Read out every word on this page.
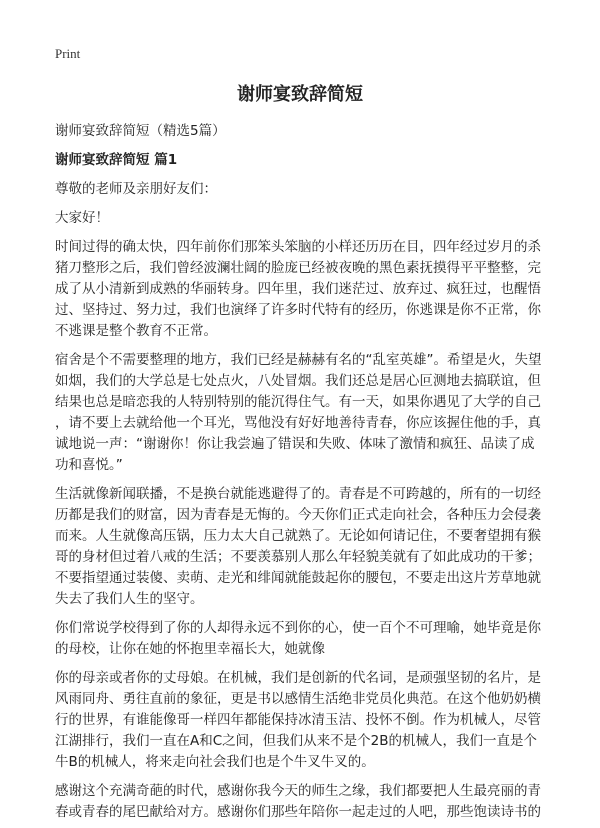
Print
谢师宴致辞简短

谢师宴致辞简短（精选5篇）

谢师宴致辞简短 篇1

尊敬的老师及亲朋好友们：

大家好！

时间过得的确太快，四年前你们那笨头笨脑的小样还历历在目，四年经过岁月的杀
猪刀整形之后，我们曾经波澜壮阔的脸庞已经被夜晚的黑色素抚摸得平平整整，完
成了从小清新到成熟的华丽转身。四年里，我们迷茫过、放弃过、疯狂过，也醒悟
过、坚持过、努力过，我们也演绎了许多时代特有的经历，你逃课是你不正常，你
不逃课是整个教育不正常。

宿舍是个不需要整理的地方，我们已经是赫赫有名的“乱室英雄”。希望是火，失望
如烟，我们的大学总是七处点火，八处冒烟。我们还总是居心叵测地去搞联谊，但
结果也总是暗恋我的人特别特别的能沉得住气。有一天，如果你遇见了大学的自己
，请不要上去就给他一个耳光，骂他没有好好地善待青春，你应该握住他的手，真
诚地说一声：“谢谢你！你让我尝遍了错误和失败、体味了激情和疯狂、品读了成
功和喜悦。”

生活就像新闻联播，不是换台就能逃避得了的。青春是不可跨越的，所有的一切经
历都是我们的财富，因为青春是无悔的。今天你们正式走向社会，各种压力会侵袭
而来。人生就像高压锅，压力太大自己就熟了。无论如何请记住，不要奢望拥有猴
哥的身材但过着八戒的生活；不要羡慕别人那么年轻貌美就有了如此成功的干爹；
不要指望通过装傻、卖萌、走光和绯闻就能鼓起你的腰包，不要走出这片芳草地就
失去了我们人生的坚守。

你们常说学校得到了你的人却得永远不到你的心，使一百个不可理喻，她毕竟是你
的母校，让你在她的怀抱里幸福长大，她就像

你的母亲或者你的丈母娘。在机械，我们是创新的代名词，是顽强坚韧的名片，是
风雨同舟、勇往直前的象征，更是书以感情生活绝非党员化典范。在这个他奶奶横
行的世界，有谁能像哥一样四年都能保持冰清玉洁、投怀不倒。作为机械人，尽管
江湖排行，我们一直在A和C之间，但我们从来不是个2B的机械人，我们一直是个
牛B的机械人，将来走向社会我们也是个牛叉牛叉的。

感谢这个充满奇葩的时代，感谢你我今天的师生之缘，我们都要把人生最亮丽的青
春或青春的尾巴献给对方。感谢你们那些年陪你一起走过的人吧，那些饱读诗书的
